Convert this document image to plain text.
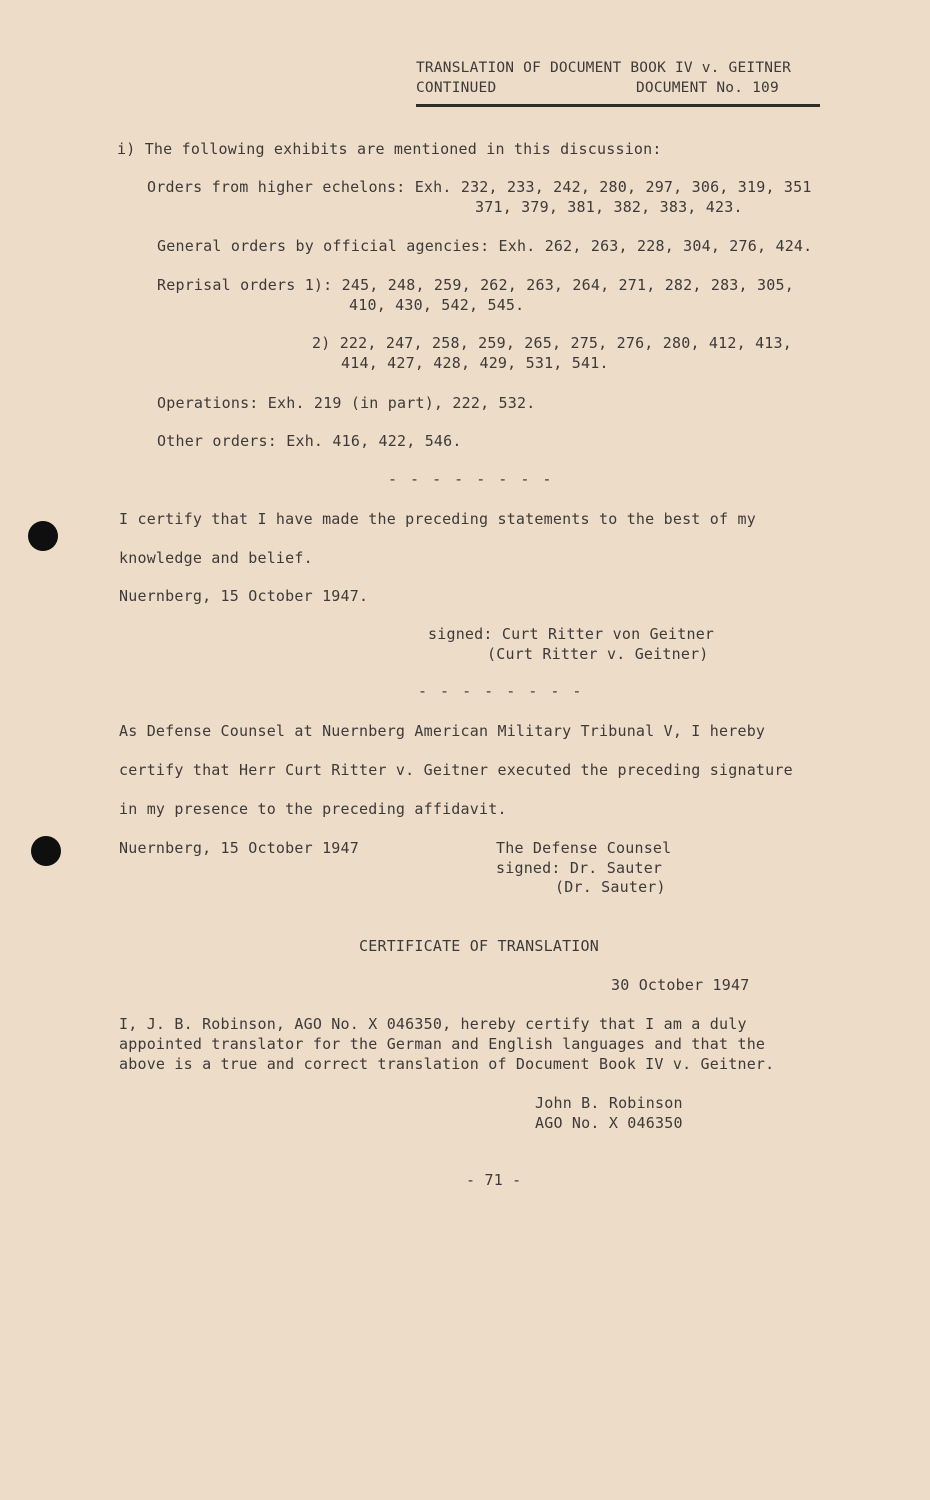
TRANSLATION OF DOCUMENT BOOK IV v. GEITNER
CONTINUED	DOCUMENT No. 109
i) The following exhibits are mentioned in this discussion:
Orders from higher echelons: Exh. 232, 233, 242, 280, 297, 306, 319, 351
371, 379, 381, 382, 383, 423.
General orders by official agencies: Exh. 262, 263, 228, 304, 276, 424.
Reprisal orders 1): 245, 248, 259, 262, 263, 264, 271, 282, 283, 305,
410, 430, 542, 545.
2) 222, 247, 258, 259, 265, 275, 276, 280, 412, 413,
414, 427, 428, 429, 531, 541.
Operations: Exh. 219 (in part), 222, 532.
Other orders: Exh. 416, 422, 546.
- - - - - - - -
I certify that I have made the preceding statements to the best of my
knowledge and belief.
Nuernberg, 15 October 1947.
signed: Curt Ritter von Geitner
(Curt Ritter v. Geitner)
- - - - - - - -
As Defense Counsel at Nuernberg American Military Tribunal V, I hereby
certify that Herr Curt Ritter v. Geitner executed the preceding signature
in my presence to the preceding affidavit.
Nuernberg, 15 October 1947	The Defense Counsel
signed: Dr. Sauter
(Dr. Sauter)
CERTIFICATE OF TRANSLATION
30 October 1947
I, J. B. Robinson, AGO No. X 046350, hereby certify that I am a duly
appointed translator for the German and English languages and that the
above is a true and correct translation of Document Book IV v. Geitner.
John B. Robinson
AGO No. X 046350
- 71 -
